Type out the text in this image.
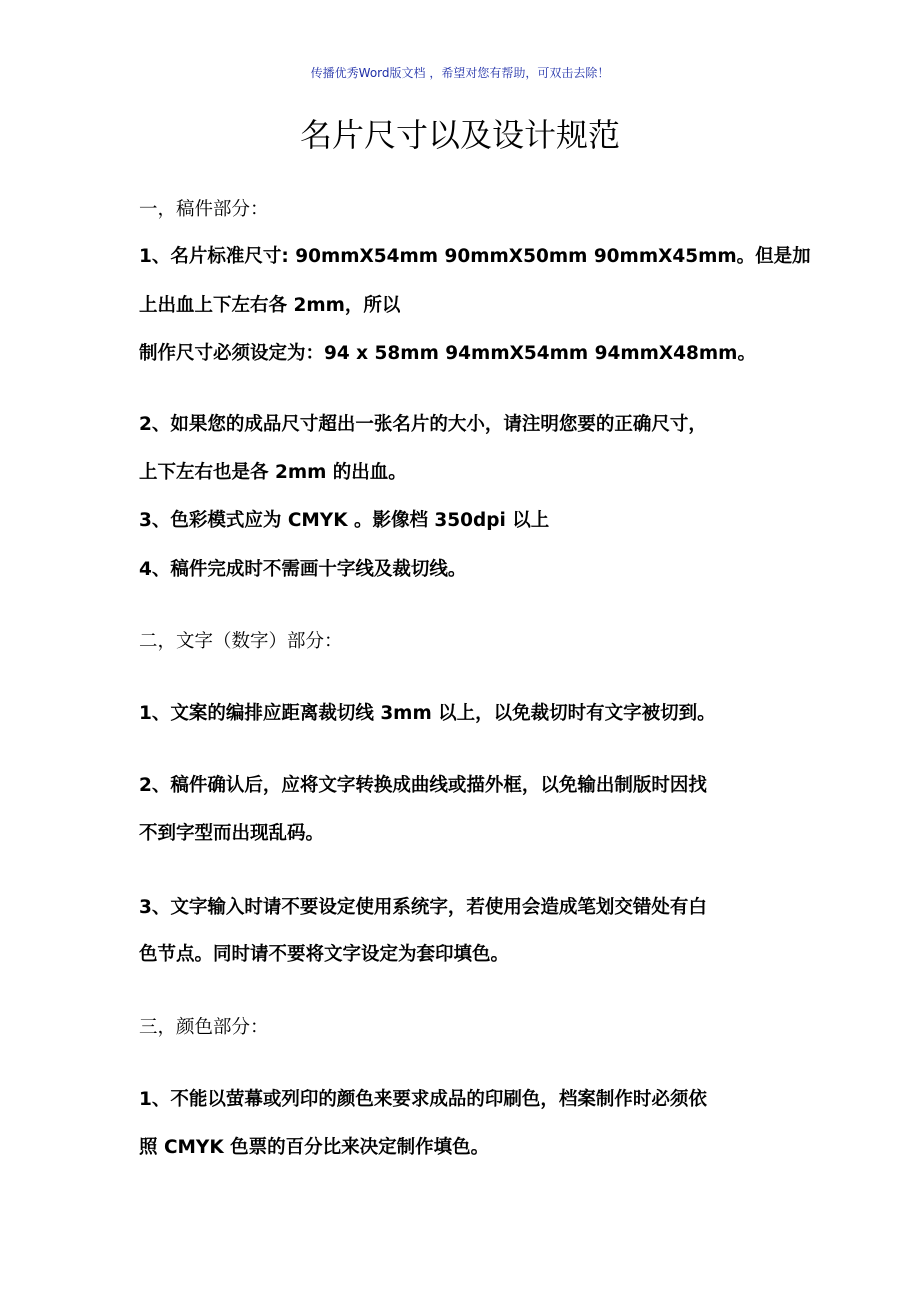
传播优秀Word版文档 ，希望对您有帮助，可双击去除！
名片尺寸以及设计规范
一，稿件部分：
1、名片标准尺寸: 90mmX54mm 90mmX50mm 90mmX45mm。但是加
上出血上下左右各 2mm，所以
制作尺寸必须设定为：94 x 58mm 94mmX54mm 94mmX48mm。
2、如果您的成品尺寸超出一张名片的大小，请注明您要的正确尺寸，
上下左右也是各 2mm 的出血。
3、色彩模式应为 CMYK 。影像档 350dpi 以上
4、稿件完成时不需画十字线及裁切线。
二，文字（数字）部分：
1、文案的编排应距离裁切线 3mm 以上，以免裁切时有文字被切到。
2、稿件确认后，应将文字转换成曲线或描外框，以免输出制版时因找
不到字型而出现乱码。
3、文字输入时请不要设定使用系统字，若使用会造成笔划交错处有白
色节点。同时请不要将文字设定为套印填色。
三，颜色部分：
1、不能以萤幕或列印的颜色来要求成品的印刷色，档案制作时必须依
照 CMYK 色票的百分比来决定制作填色。
